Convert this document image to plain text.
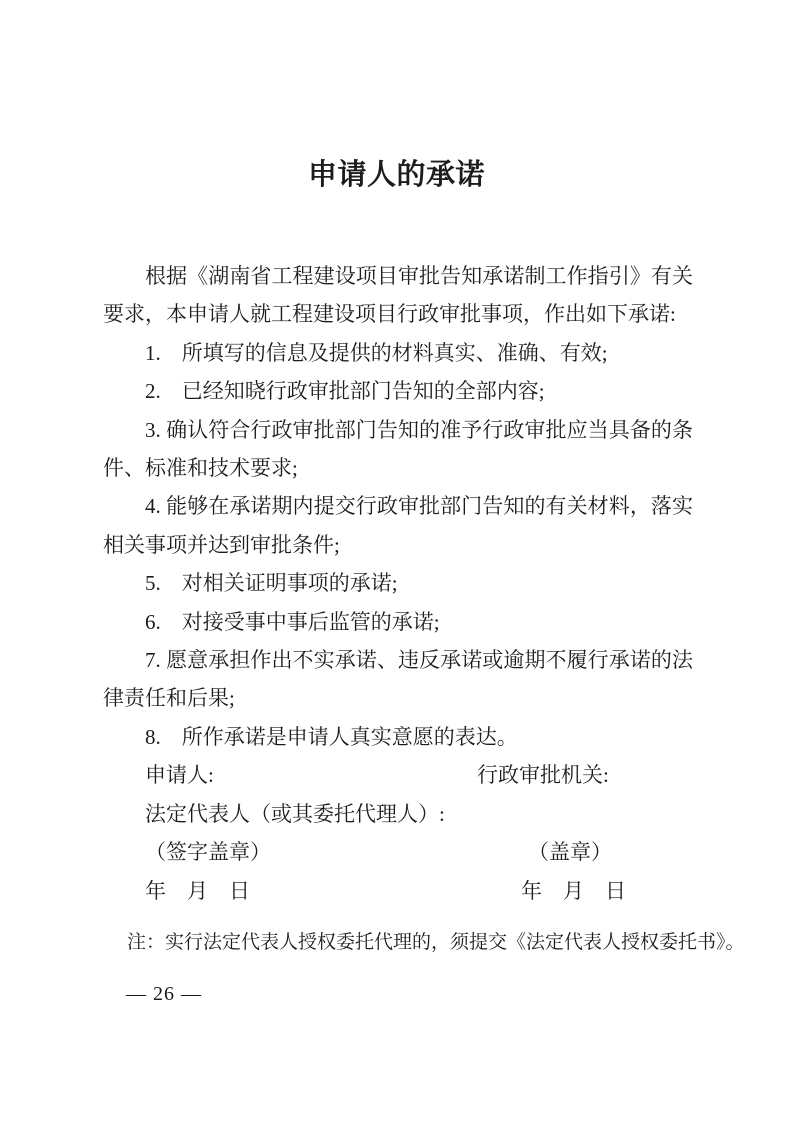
申请人的承诺

根据《湖南省工程建设项目审批告知承诺制工作指引》有关要求，本申请人就工程建设项目行政审批事项，作出如下承诺:

1.　所填写的信息及提供的材料真实、准确、有效;

2.　已经知晓行政审批部门告知的全部内容;

3. 确认符合行政审批部门告知的准予行政审批应当具备的条件、标准和技术要求;

4. 能够在承诺期内提交行政审批部门告知的有关材料，落实相关事项并达到审批条件;

5.　对相关证明事项的承诺;

6.　对接受事中事后监管的承诺;

7. 愿意承担作出不实承诺、违反承诺或逾期不履行承诺的法律责任和后果;

8.　所作承诺是申请人真实意愿的表达。

申请人:	行政审批机关:
法定代表人（或其委托代理人）:
（签字盖章）	（盖章）
年　月　日	年　月　日
注：实行法定代表人授权委托代理的，须提交《法定代表人授权委托书》。
— 26 —
